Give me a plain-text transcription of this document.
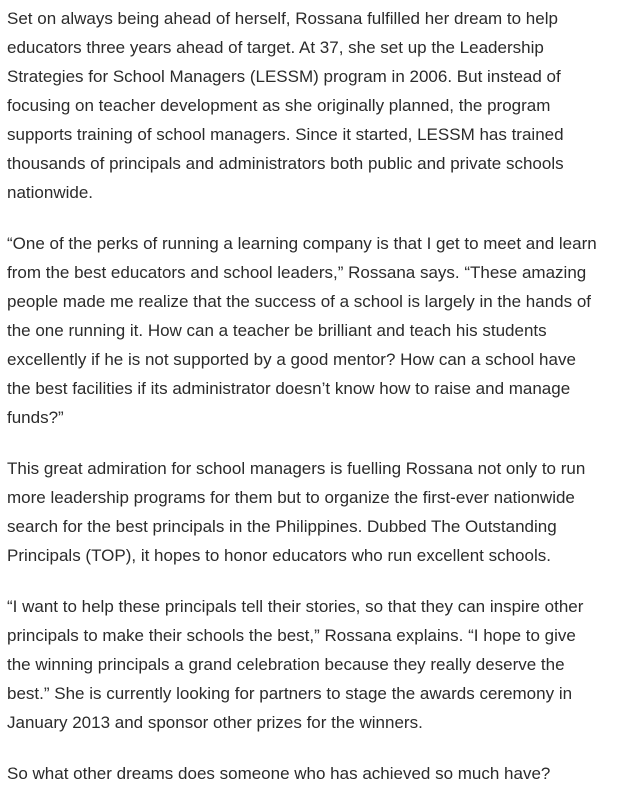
Set on always being ahead of herself, Rossana fulfilled her dream to help
educators three years ahead of target. At 37, she set up the Leadership
Strategies for School Managers (LESSM) program in 2006. But instead of
focusing on teacher development as she originally planned, the program
supports training of school managers. Since it started, LESSM has trained
thousands of principals and administrators both public and private schools
nationwide.

“One of the perks of running a learning company is that I get to meet and learn
from the best educators and school leaders,” Rossana says. “These amazing
people made me realize that the success of a school is largely in the hands of
the one running it. How can a teacher be brilliant and teach his students
excellently if he is not supported by a good mentor? How can a school have
the best facilities if its administrator doesn’t know how to raise and manage
funds?”

This great admiration for school managers is fuelling Rossana not only to run
more leadership programs for them but to organize the first-ever nationwide
search for the best principals in the Philippines. Dubbed The Outstanding
Principals (TOP), it hopes to honor educators who run excellent schools.

“I want to help these principals tell their stories, so that they can inspire other
principals to make their schools the best,” Rossana explains. “I hope to give
the winning principals a grand celebration because they really deserve the
best.” She is currently looking for partners to stage the awards ceremony in
January 2013 and sponsor other prizes for the winners.

So what other dreams does someone who has achieved so much have?
